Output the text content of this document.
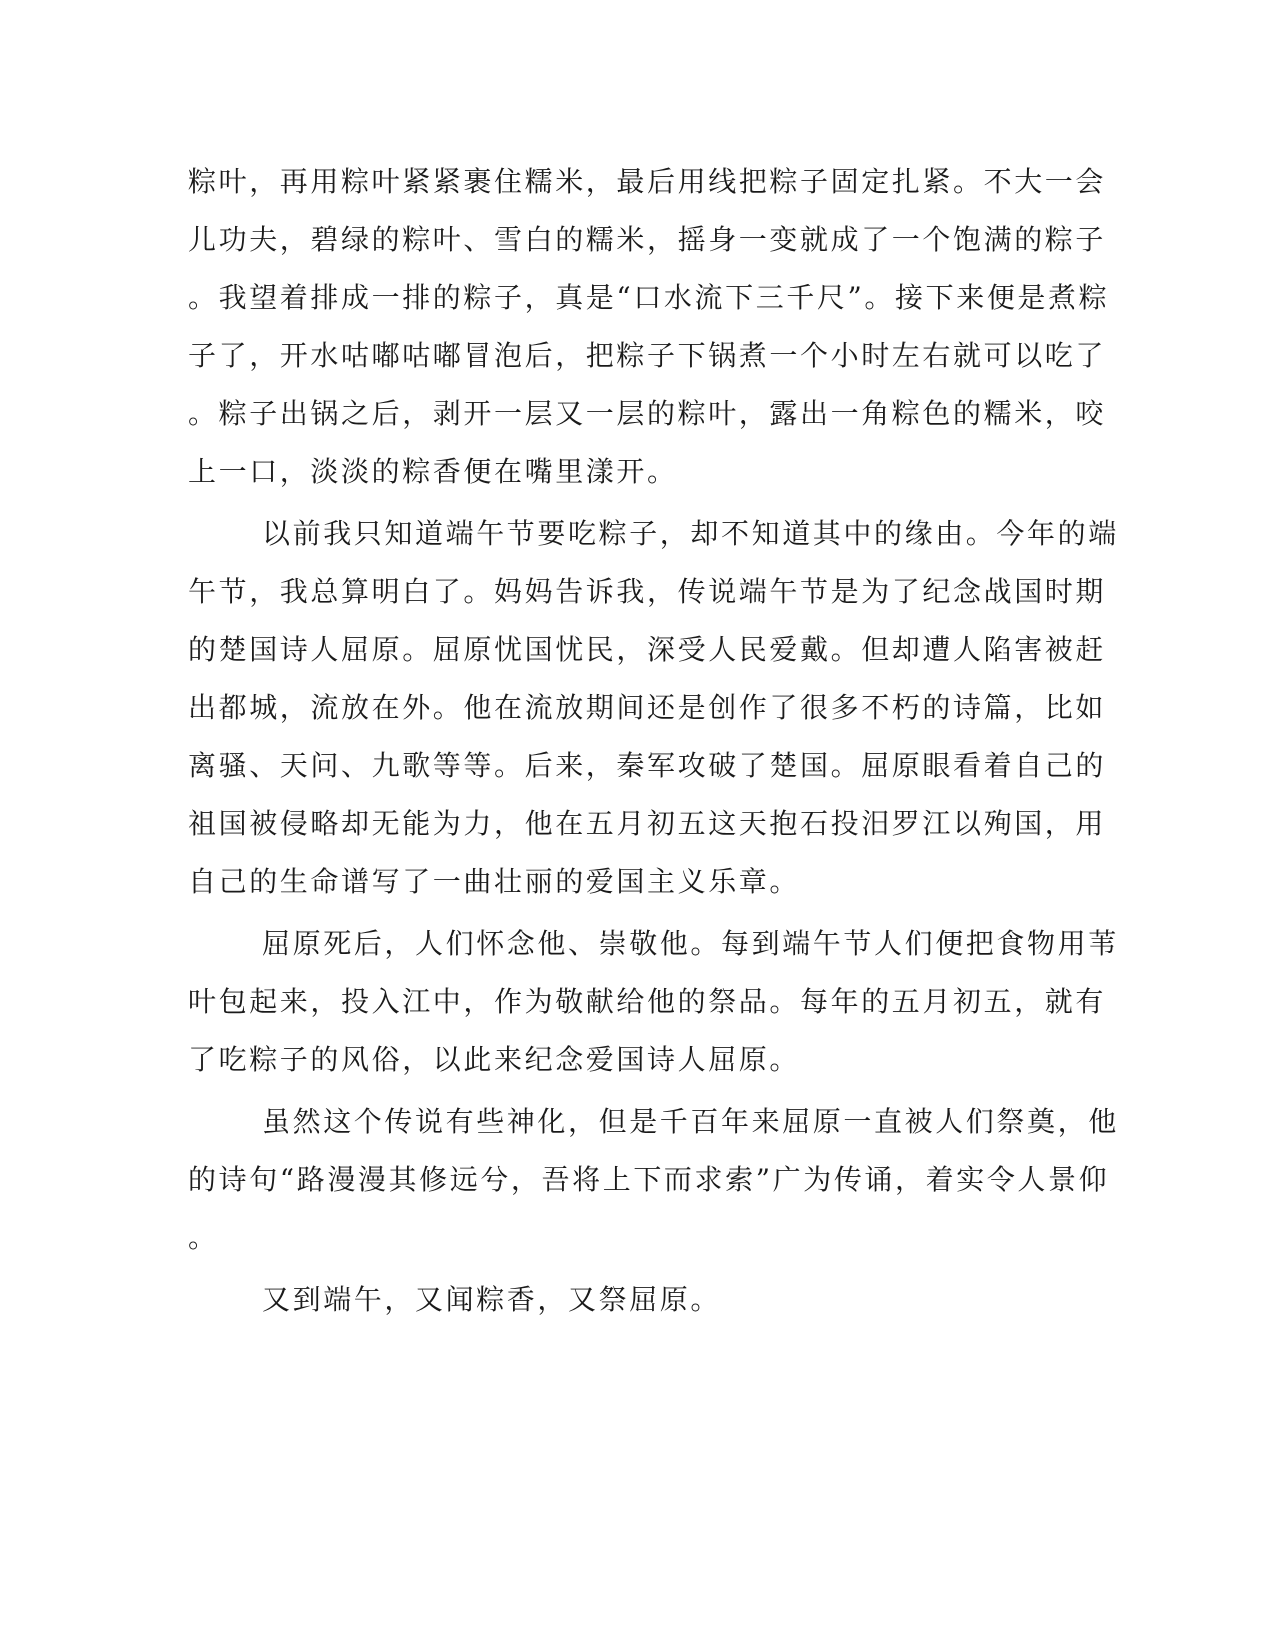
粽叶，再用粽叶紧紧裹住糯米，最后用线把粽子固定扎紧。不大一会

儿功夫，碧绿的粽叶、雪白的糯米，摇身一变就成了一个饱满的粽子

。我望着排成一排的粽子，真是“口水流下三千尺”。接下来便是煮粽

子了，开水咕嘟咕嘟冒泡后，把粽子下锅煮一个小时左右就可以吃了

。粽子出锅之后，剥开一层又一层的粽叶，露出一角粽色的糯米，咬

上一口，淡淡的粽香便在嘴里漾开。

以前我只知道端午节要吃粽子，却不知道其中的缘由。今年的端

午节，我总算明白了。妈妈告诉我，传说端午节是为了纪念战国时期

的楚国诗人屈原。屈原忧国忧民，深受人民爱戴。但却遭人陷害被赶

出都城，流放在外。他在流放期间还是创作了很多不朽的诗篇，比如

离骚、天问、九歌等等。后来，秦军攻破了楚国。屈原眼看着自己的

祖国被侵略却无能为力，他在五月初五这天抱石投汨罗江以殉国，用

自己的生命谱写了一曲壮丽的爱国主义乐章。

屈原死后，人们怀念他、崇敬他。每到端午节人们便把食物用苇

叶包起来，投入江中，作为敬献给他的祭品。每年的五月初五，就有

了吃粽子的风俗，以此来纪念爱国诗人屈原。

虽然这个传说有些神化，但是千百年来屈原一直被人们祭奠，他

的诗句“路漫漫其修远兮，吾将上下而求索”广为传诵，着实令人景仰

。

又到端午，又闻粽香，又祭屈原。
